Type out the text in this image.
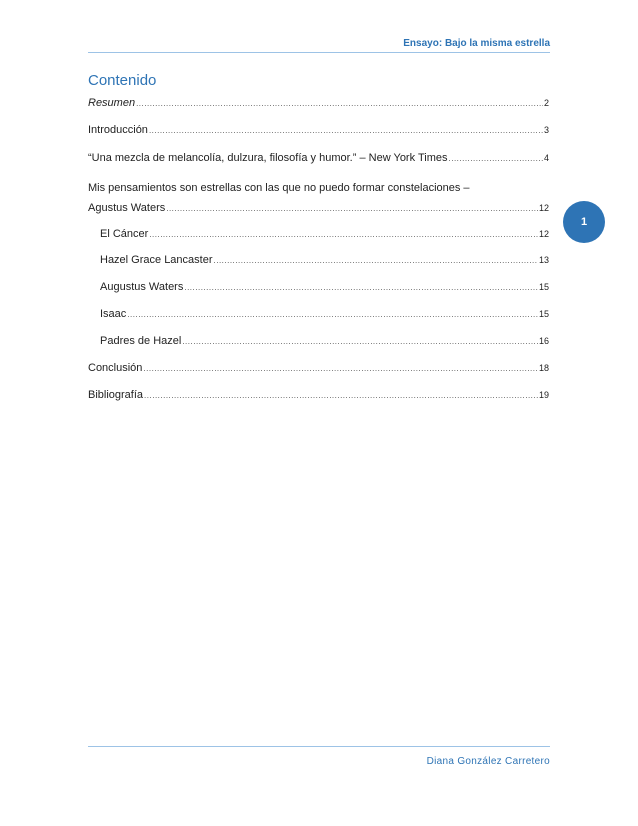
Ensayo: Bajo la misma estrella
1
Contenido
Resumen .....	2
Introducción .....	3
“Una mezcla de melancolía, dulzura, filosofía y humor.” – New York Times .....	4
Mis pensamientos son estrellas con las que no puedo formar constelaciones –
Agustus Waters .....	12
El Cáncer .....	12
Hazel Grace Lancaster .....	13
Augustus Waters .....	15
Isaac .....	15
Padres de Hazel .....	16
Conclusión .....	18
Bibliografía .....	19
Diana González Carretero
